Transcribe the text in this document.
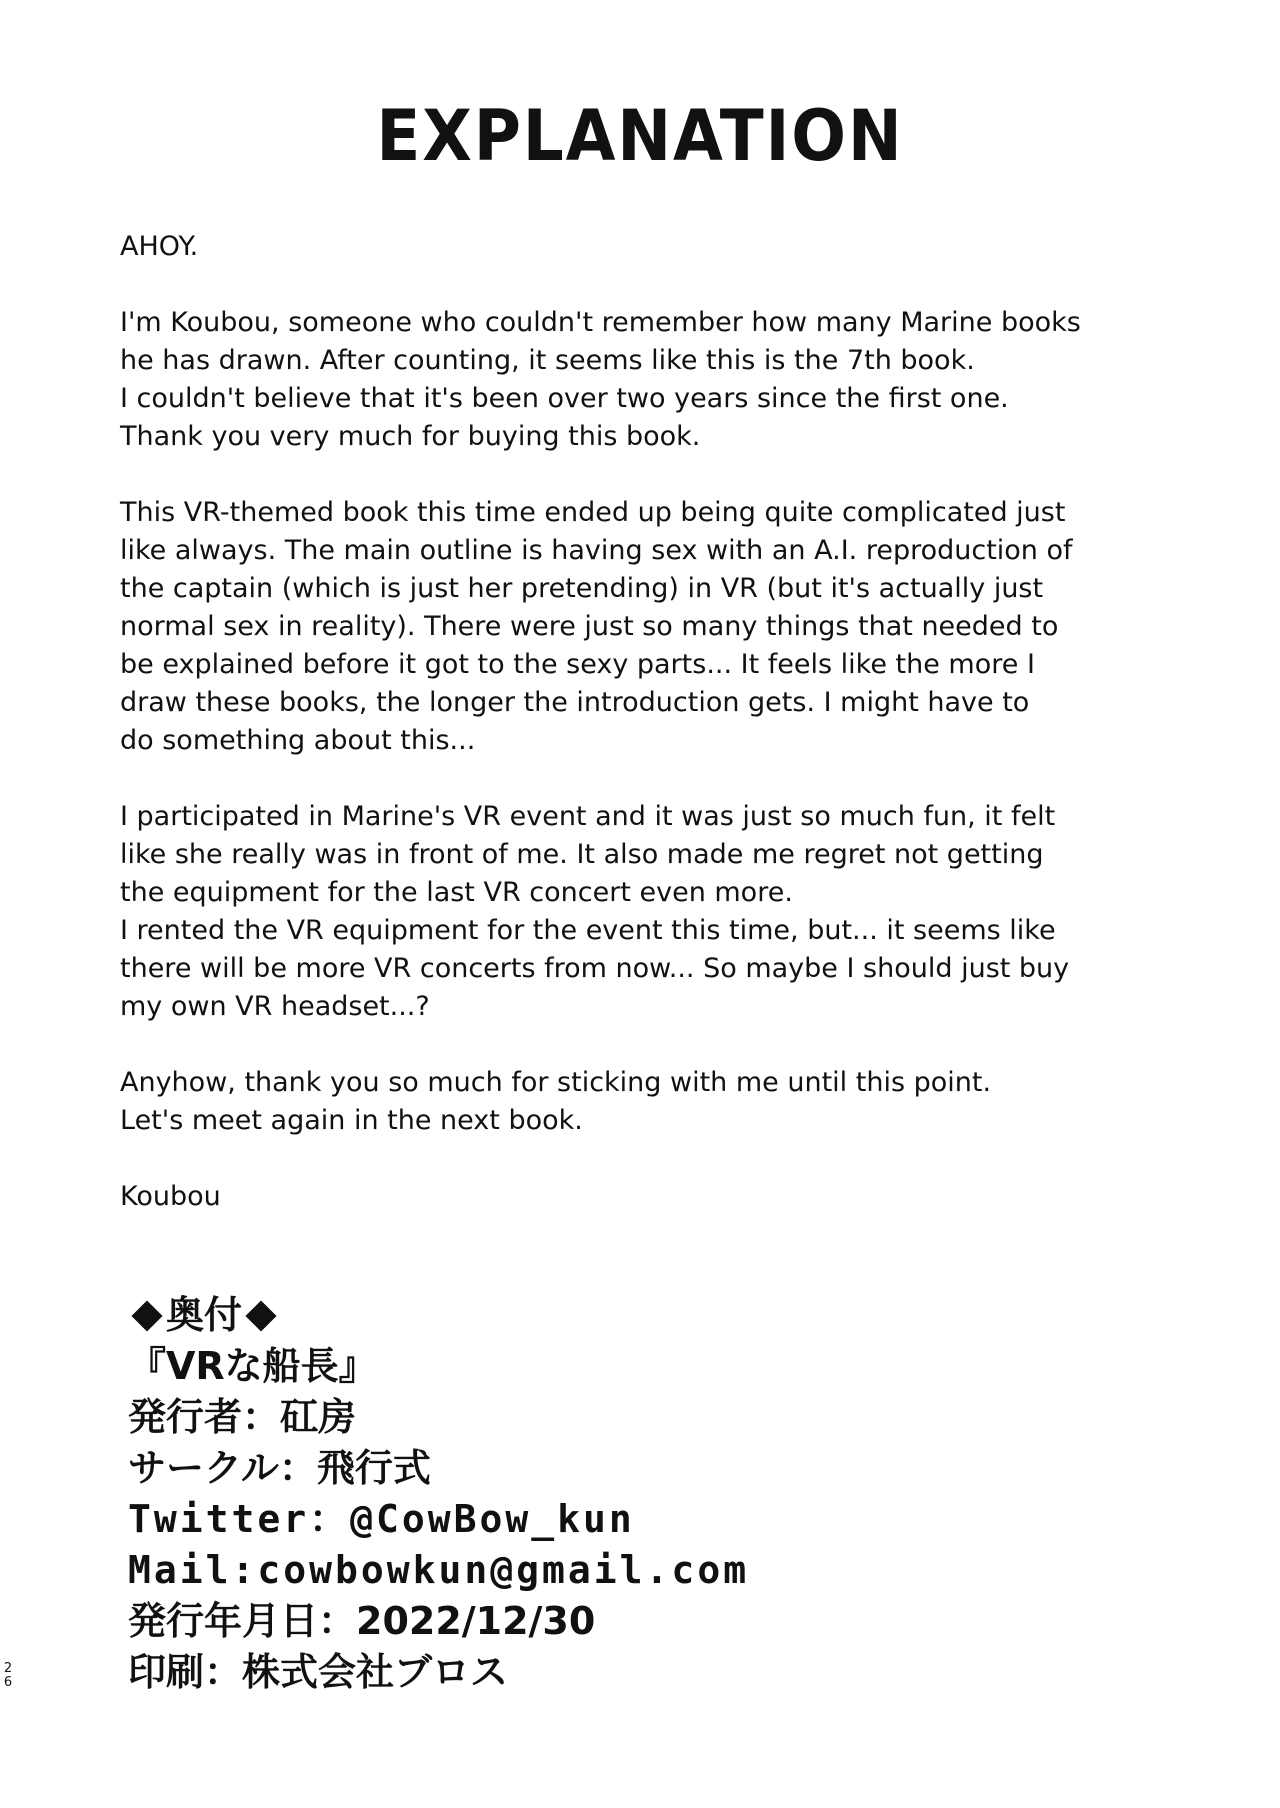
EXPLANATION
AHOY.
I'm Koubou, someone who couldn't remember how many Marine books
he has drawn. After counting, it seems like this is the 7th book.
I couldn't believe that it's been over two years since the first one.
Thank you very much for buying this book.
This VR-themed book this time ended up being quite complicated just
like always. The main outline is having sex with an A.I. reproduction of
the captain (which is just her pretending) in VR (but it's actually just
normal sex in reality). There were just so many things that needed to
be explained before it got to the sexy parts... It feels like the more I
draw these books, the longer the introduction gets. I might have to
do something about this...
I participated in Marine's VR event and it was just so much fun, it felt
like she really was in front of me. It also made me regret not getting
the equipment for the last VR concert even more.
I rented the VR equipment for the event this time, but... it seems like
there will be more VR concerts from now... So maybe I should just buy
my own VR headset...?
Anyhow, thank you so much for sticking with me until this point.
Let's meet again in the next book.
Koubou
奥付
『VRな船長』
発行者：矼房
サークル：飛行式
Twitter：@CowBow_kun
Mail:cowbowkun@gmail.com
発行年月日：2022/12/30
印刷：株式会社ブロス
2
6
